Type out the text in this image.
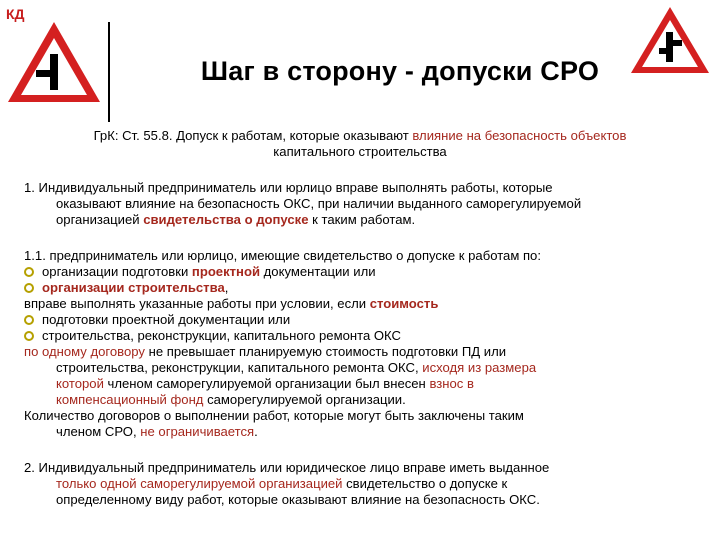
КД
Шаг в сторону - допуски СРО
ГрК: Ст. 55.8. Допуск к работам, которые оказывают влияние на безопасность объектов
капитального строительства
1. Индивидуальный предприниматель или юрлицо вправе выполнять работы, которые
оказывают влияние на безопасность ОКС, при наличии выданного саморегулируемой
организацией свидетельства о допуске к таким работам.
1.1. предприниматель или юрлицо, имеющие свидетельство о допуске к работам по:
организации подготовки проектной документации или
организации строительства,
вправе выполнять указанные работы при условии, если стоимость
подготовки проектной документации или
строительства, реконструкции, капитального ремонта ОКС
по одному договору не превышает планируемую стоимость подготовки ПД или
строительства, реконструкции, капитального ремонта ОКС, исходя из размера
которой членом саморегулируемой организации был внесен взнос в
компенсационный фонд саморегулируемой организации.
Количество договоров о выполнении работ, которые могут быть заключены таким
членом СРО, не ограничивается.
2. Индивидуальный предприниматель или юридическое лицо вправе иметь выданное
только одной саморегулируемой организацией свидетельство о допуске к
определенному виду работ, которые оказывают влияние на безопасность ОКС.
